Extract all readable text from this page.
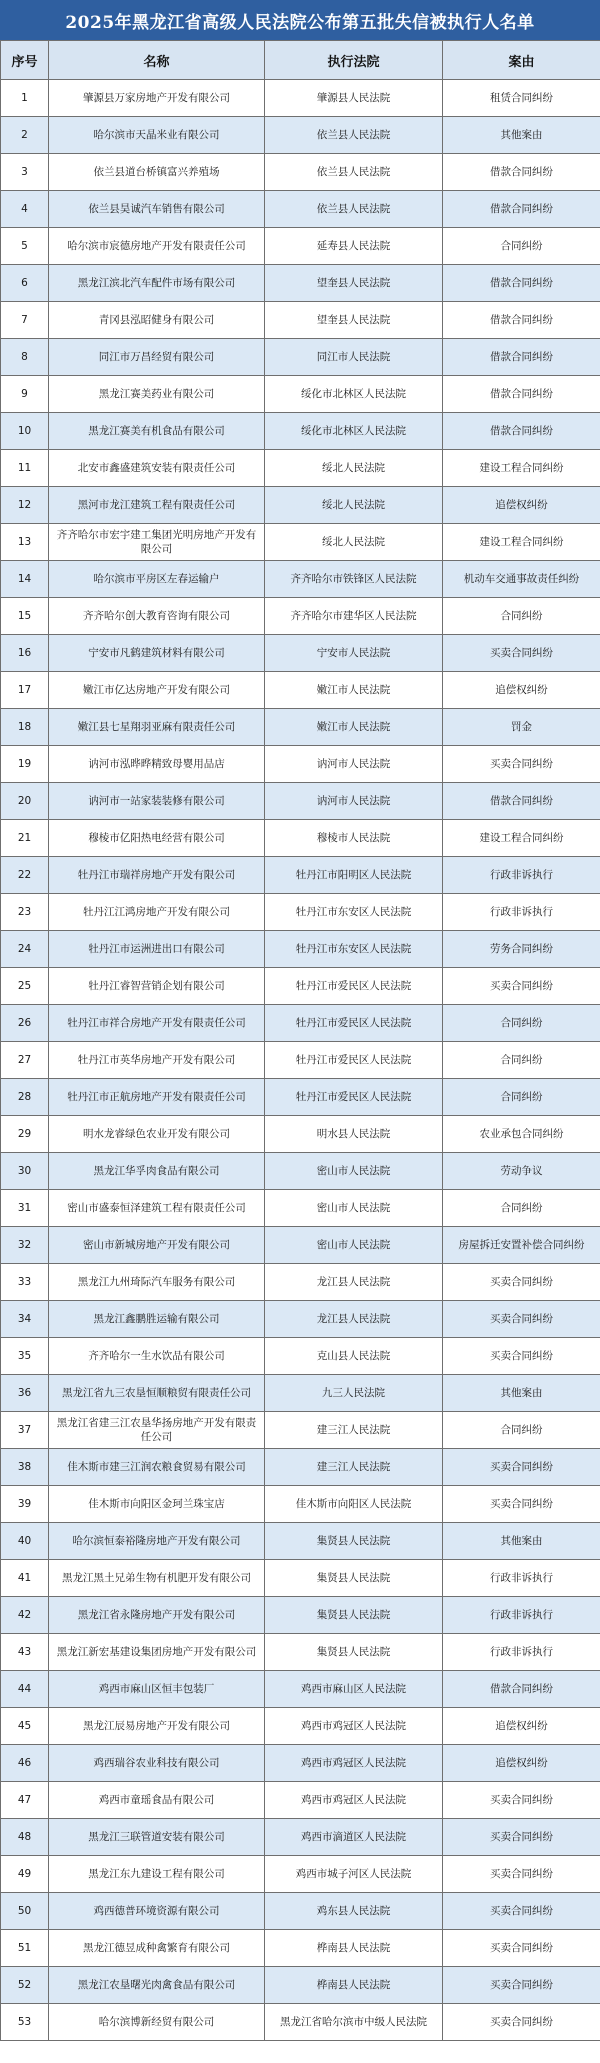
2025年黑龙江省高级人民法院公布第五批失信被执行人名单
序号	名称	执行法院	案由
1	肇源县万家房地产开发有限公司	肇源县人民法院	租赁合同纠纷
2	哈尔滨市天晶米业有限公司	依兰县人民法院	其他案由
3	依兰县道台桥镇富兴养殖场	依兰县人民法院	借款合同纠纷
4	依兰县昊诚汽车销售有限公司	依兰县人民法院	借款合同纠纷
5	哈尔滨市宸德房地产开发有限责任公司	延寿县人民法院	合同纠纷
6	黑龙江滨北汽车配件市场有限公司	望奎县人民法院	借款合同纠纷
7	青冈县泓昭健身有限公司	望奎县人民法院	借款合同纠纷
8	同江市万昌经贸有限公司	同江市人民法院	借款合同纠纷
9	黑龙江赛美药业有限公司	绥化市北林区人民法院	借款合同纠纷
10	黑龙江赛美有机食品有限公司	绥化市北林区人民法院	借款合同纠纷
11	北安市鑫盛建筑安装有限责任公司	绥北人民法院	建设工程合同纠纷
12	黑河市龙江建筑工程有限责任公司	绥北人民法院	追偿权纠纷
13	齐齐哈尔市宏宇建工集团光明房地产开发有限公司	绥北人民法院	建设工程合同纠纷
14	哈尔滨市平房区左春运输户	齐齐哈尔市铁锋区人民法院	机动车交通事故责任纠纷
15	齐齐哈尔创大教育咨询有限公司	齐齐哈尔市建华区人民法院	合同纠纷
16	宁安市凡鹤建筑材料有限公司	宁安市人民法院	买卖合同纠纷
17	嫩江市亿达房地产开发有限公司	嫩江市人民法院	追偿权纠纷
18	嫩江县七星翔羽亚麻有限责任公司	嫩江市人民法院	罚金
19	讷河市泓晔晔精致母婴用品店	讷河市人民法院	买卖合同纠纷
20	讷河市一站家装装修有限公司	讷河市人民法院	借款合同纠纷
21	穆棱市亿阳热电经营有限公司	穆棱市人民法院	建设工程合同纠纷
22	牡丹江市瑞祥房地产开发有限公司	牡丹江市阳明区人民法院	行政非诉执行
23	牡丹江江鸿房地产开发有限公司	牡丹江市东安区人民法院	行政非诉执行
24	牡丹江市运洲进出口有限公司	牡丹江市东安区人民法院	劳务合同纠纷
25	牡丹江睿智营销企划有限公司	牡丹江市爱民区人民法院	买卖合同纠纷
26	牡丹江市祥合房地产开发有限责任公司	牡丹江市爱民区人民法院	合同纠纷
27	牡丹江市英华房地产开发有限公司	牡丹江市爱民区人民法院	合同纠纷
28	牡丹江市正航房地产开发有限责任公司	牡丹江市爱民区人民法院	合同纠纷
29	明水龙睿绿色农业开发有限公司	明水县人民法院	农业承包合同纠纷
30	黑龙江华孚肉食品有限公司	密山市人民法院	劳动争议
31	密山市盛泰恒泽建筑工程有限责任公司	密山市人民法院	合同纠纷
32	密山市新城房地产开发有限公司	密山市人民法院	房屋拆迁安置补偿合同纠纷
33	黑龙江九州琦际汽车服务有限公司	龙江县人民法院	买卖合同纠纷
34	黑龙江鑫鹏胜运输有限公司	龙江县人民法院	买卖合同纠纷
35	齐齐哈尔一生水饮品有限公司	克山县人民法院	买卖合同纠纷
36	黑龙江省九三农垦恒顺粮贸有限责任公司	九三人民法院	其他案由
37	黑龙江省建三江农垦华扬房地产开发有限责任公司	建三江人民法院	合同纠纷
38	佳木斯市建三江润农粮食贸易有限公司	建三江人民法院	买卖合同纠纷
39	佳木斯市向阳区金珂兰珠宝店	佳木斯市向阳区人民法院	买卖合同纠纷
40	哈尔滨恒泰裕隆房地产开发有限公司	集贤县人民法院	其他案由
41	黑龙江黑土兄弟生物有机肥开发有限公司	集贤县人民法院	行政非诉执行
42	黑龙江省永隆房地产开发有限公司	集贤县人民法院	行政非诉执行
43	黑龙江新宏基建设集团房地产开发有限公司	集贤县人民法院	行政非诉执行
44	鸡西市麻山区恒丰包装厂	鸡西市麻山区人民法院	借款合同纠纷
45	黑龙江辰易房地产开发有限公司	鸡西市鸡冠区人民法院	追偿权纠纷
46	鸡西瑞谷农业科技有限公司	鸡西市鸡冠区人民法院	追偿权纠纷
47	鸡西市童瑶食品有限公司	鸡西市鸡冠区人民法院	买卖合同纠纷
48	黑龙江三联管道安装有限公司	鸡西市滴道区人民法院	买卖合同纠纷
49	黑龙江东九建设工程有限公司	鸡西市城子河区人民法院	买卖合同纠纷
50	鸡西德普环境资源有限公司	鸡东县人民法院	买卖合同纠纷
51	黑龙江德昱成种禽繁育有限公司	桦南县人民法院	买卖合同纠纷
52	黑龙江农垦曙光肉禽食品有限公司	桦南县人民法院	买卖合同纠纷
53	哈尔滨博新经贸有限公司	黑龙江省哈尔滨市中级人民法院	买卖合同纠纷
